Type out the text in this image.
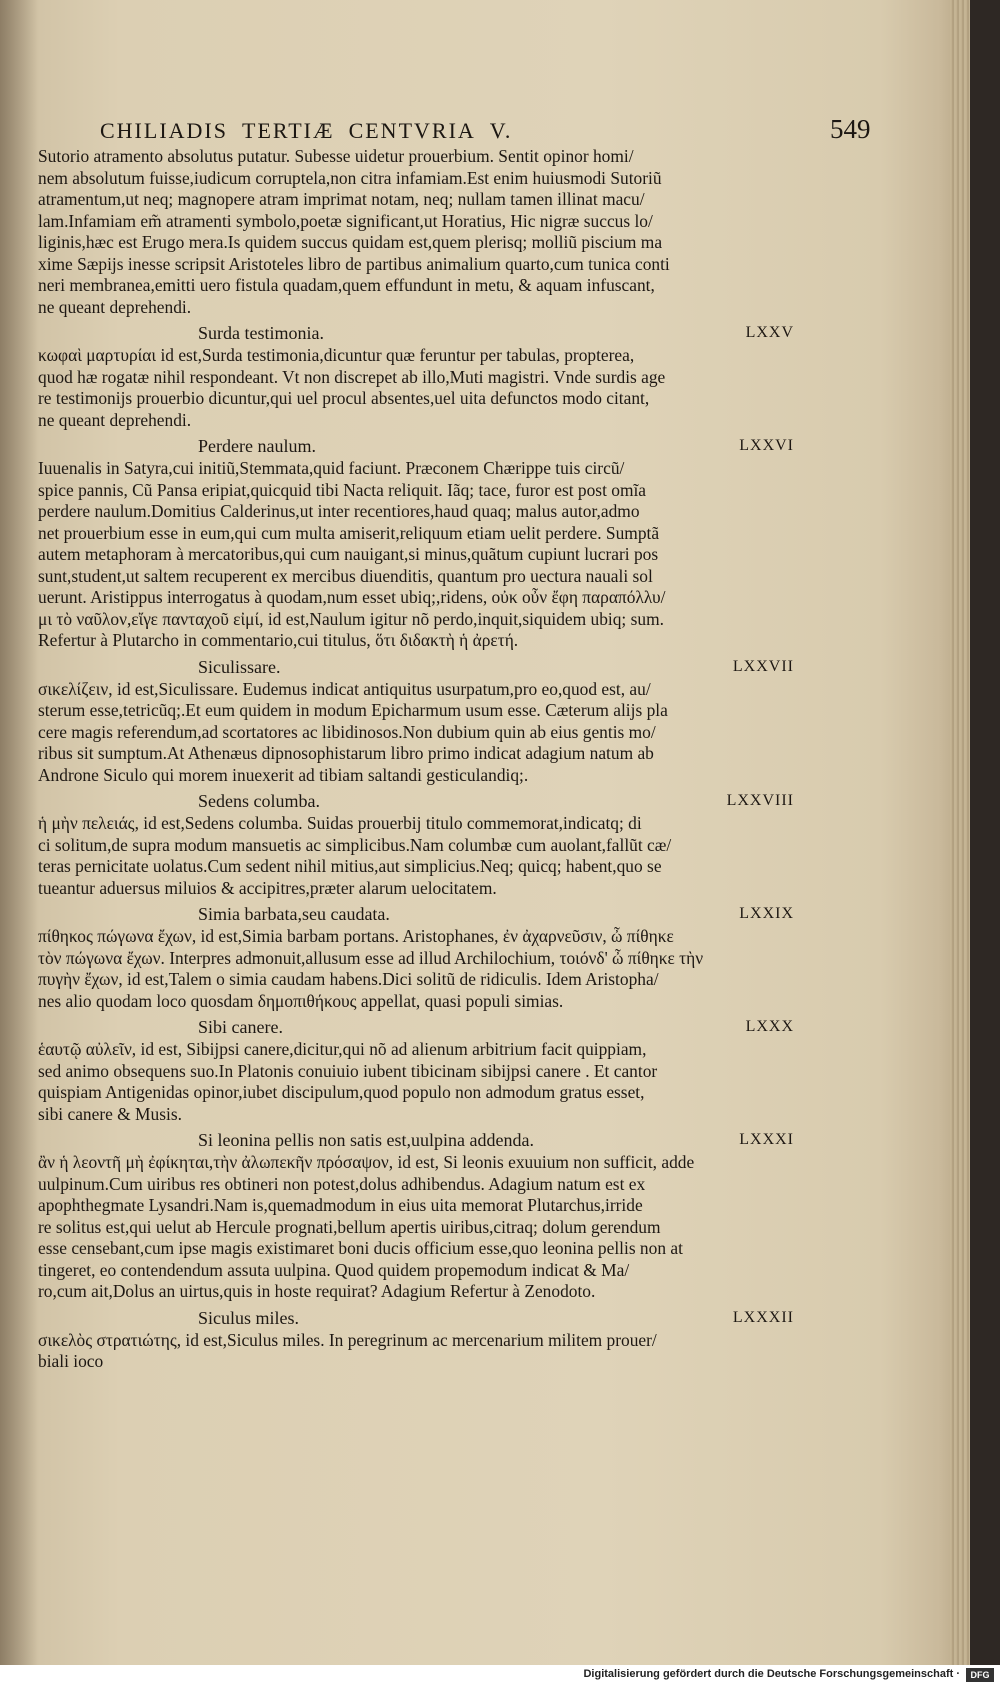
CHILIADIS TERTIÆ CENTVRIA V.	549
Sutorio atramento absolutus putatur. Subesse uidetur prouerbium. Sentit opinor homi/
nem absolutum fuisse,iudicum corruptela,non citra infamiam.Est enim huiusmodi Sutoriũ
atramentum,ut neq; magnopere atram imprimat notam, neq; nullam tamen illinat macu/
lam.Infamiam em̃ atramenti symbolo,poetæ significant,ut Horatius, Hic nigræ succus lo/
liginis,hæc est Erugo mera.Is quidem succus quidam est,quem plerisq; molliũ piscium ma
xime Sæpijs inesse scripsit Aristoteles libro de partibus animalium quarto,cum tunica conti
neri membranea,emitti uero fistula quadam,quem effundunt in metu, & aquam infuscant,
ne queant deprehendi.
Surda testimonia.	LXXV
κωφαὶ μαρτυρίαι id est,Surda testimonia,dicuntur quæ feruntur per tabulas, propterea,
quod hæ rogatæ nihil respondeant. Vt non discrepet ab illo,Muti magistri. Vnde surdis age
re testimonijs prouerbio dicuntur,qui uel procul absentes,uel uita defunctos modo citant,
ne queant deprehendi.
Perdere naulum.	LXXVI
Iuuenalis in Satyra,cui initiũ,Stemmata,quid faciunt. Præconem Chærippe tuis circũ/
spice pannis, Cũ Pansa eripiat,quicquid tibi Nacta reliquit. Iãq; tace, furor est post omĩa
perdere naulum.Domitius Calderinus,ut inter recentiores,haud quaq; malus autor,admo
net prouerbium esse in eum,qui cum multa amiserit,reliquum etiam uelit perdere. Sumptã
autem metaphoram à mercatoribus,qui cum nauigant,si minus,quãtum cupiunt lucrari pos
sunt,student,ut saltem recuperent ex mercibus diuenditis, quantum pro uectura nauali sol
uerunt. Aristippus interrogatus à quodam,num esset ubiq;,ridens, οὐκ οὖν ἔφη παραπόλλυ/
μι τὸ ναῦλον,εἴγε πανταχοῦ εἰμί, id est,Naulum igitur nõ perdo,inquit,siquidem ubiq; sum.
Refertur à Plutarcho in commentario,cui titulus, ὅτι διδακτὴ ἡ ἀρετή.
Siculissare.	LXXVII
σικελίζειν, id est,Siculissare. Eudemus indicat antiquitus usurpatum,pro eo,quod est, au/
sterum esse,tetricũq;.Et eum quidem in modum Epicharmum usum esse. Cæterum alijs pla
cere magis referendum,ad scortatores ac libidinosos.Non dubium quin ab eius gentis mo/
ribus sit sumptum.At Athenæus dipnosophistarum libro primo indicat adagium natum ab
Androne Siculo qui morem inuexerit ad tibiam saltandi gesticulandiq;.
Sedens columba.	LXXVIII
ἡ μὴν πελειάς, id est,Sedens columba. Suidas prouerbij titulo commemorat,indicatq; di
ci solitum,de supra modum mansuetis ac simplicibus.Nam columbæ cum auolant,fallũt cæ/
teras pernicitate uolatus.Cum sedent nihil mitius,aut simplicius.Neq; quicq; habent,quo se
tueantur aduersus miluios & accipitres,præter alarum uelocitatem.
Simia barbata,seu caudata.	LXXIX
πίθηκος πώγωνα ἔχων, id est,Simia barbam portans. Aristophanes, ἐν ἀχαρνεῦσιν, ὦ πίθηκε
τὸν πώγωνα ἔχων. Interpres admonuit,allusum esse ad illud Archilochium, τοιόνδ' ὦ πίθηκε τὴν
πυγὴν ἔχων, id est,Talem o simia caudam habens.Dici solitũ de ridiculis. Idem Aristopha/
nes alio quodam loco quosdam δημοπιθήκους appellat, quasi populi simias.
Sibi canere.	LXXX
ἑαυτῷ αὐλεῖν, id est, Sibijpsi canere,dicitur,qui nõ ad alienum arbitrium facit quippiam,
sed animo obsequens suo.In Platonis conuiuio iubent tibicinam sibijpsi canere . Et cantor
quispiam Antigenidas opinor,iubet discipulum,quod populo non admodum gratus esset,
sibi canere & Musis.
Si leonina pellis non satis est,uulpina addenda.	LXXXI
ἂν ἡ λεοντῆ μὴ ἐφίκηται,τὴν ἀλωπεκῆν πρόσαψον, id est, Si leonis exuuium non sufficit, adde
uulpinum.Cum uiribus res obtineri non potest,dolus adhibendus. Adagium natum est ex
apophthegmate Lysandri.Nam is,quemadmodum in eius uita memorat Plutarchus,irride
re solitus est,qui uelut ab Hercule prognati,bellum apertis uiribus,citraq; dolum gerendum
esse censebant,cum ipse magis existimaret boni ducis officium esse,quo leonina pellis non at
tingeret, eo contendendum assuta uulpina. Quod quidem propemodum indicat & Ma/
ro,cum ait,Dolus an uirtus,quis in hoste requirat? Adagium Refertur à Zenodoto.
Siculus miles.	LXXXII
σικελὸς στρατιώτης, id est,Siculus miles. In peregrinum ac mercenarium militem prouer/
biali ioco
Digitalisierung gefördert durch die Deutsche Forschungsgemeinschaft ·	DFG
